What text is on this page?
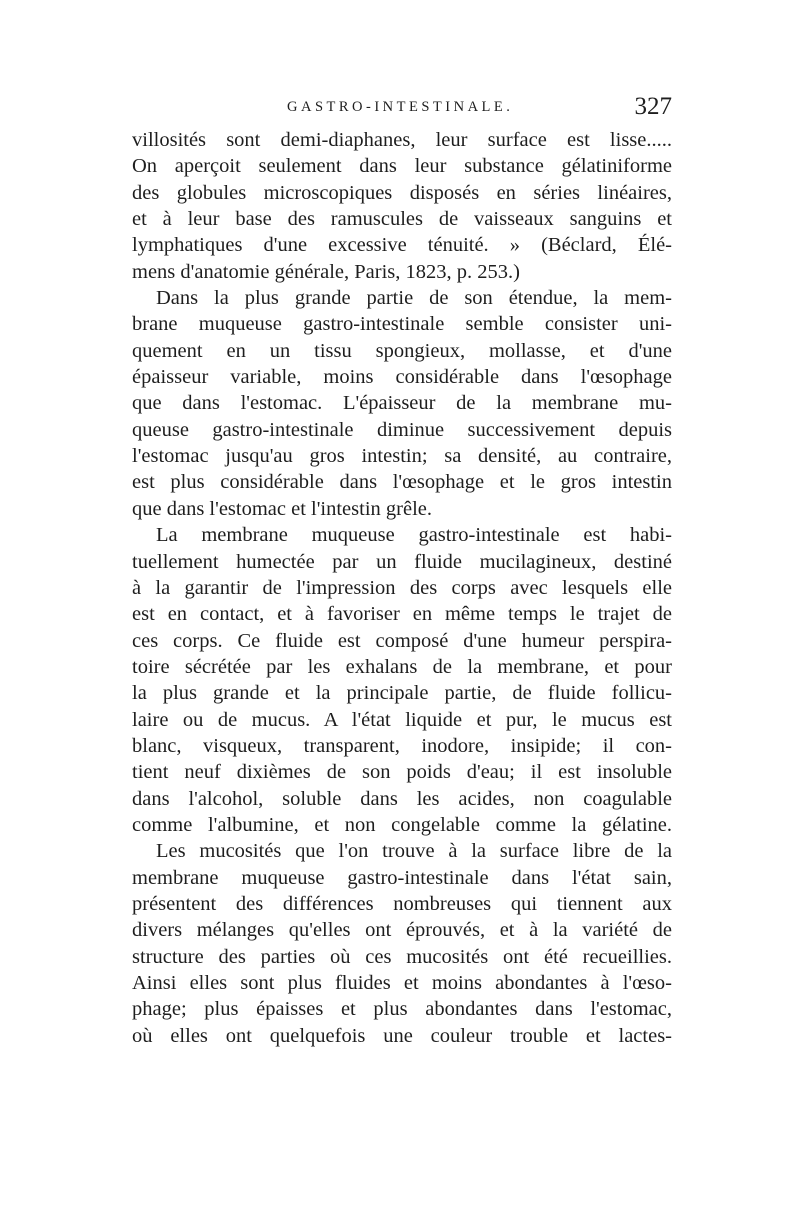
GASTRO-INTESTINALE.	327
villosités sont demi-diaphanes, leur surface est lisse.....
On aperçoit seulement dans leur substance gélatiniforme
des globules microscopiques disposés en séries linéaires,
et à leur base des ramuscules de vaisseaux sanguins et
lymphatiques d'une excessive ténuité. » (Béclard, Élé-
mens d'anatomie générale, Paris, 1823, p. 253.)
Dans la plus grande partie de son étendue, la mem-
brane muqueuse gastro-intestinale semble consister uni-
quement en un tissu spongieux, mollasse, et d'une
épaisseur variable, moins considérable dans l'œsophage
que dans l'estomac. L'épaisseur de la membrane mu-
queuse gastro-intestinale diminue successivement depuis
l'estomac jusqu'au gros intestin; sa densité, au contraire,
est plus considérable dans l'œsophage et le gros intestin
que dans l'estomac et l'intestin grêle.
La membrane muqueuse gastro-intestinale est habi-
tuellement humectée par un fluide mucilagineux, destiné
à la garantir de l'impression des corps avec lesquels elle
est en contact, et à favoriser en même temps le trajet de
ces corps. Ce fluide est composé d'une humeur perspira-
toire sécrétée par les exhalans de la membrane, et pour
la plus grande et la principale partie, de fluide follicu-
laire ou de mucus. A l'état liquide et pur, le mucus est
blanc, visqueux, transparent, inodore, insipide; il con-
tient neuf dixièmes de son poids d'eau; il est insoluble
dans l'alcohol, soluble dans les acides, non coagulable
comme l'albumine, et non congelable comme la gélatine.
Les mucosités que l'on trouve à la surface libre de la
membrane muqueuse gastro-intestinale dans l'état sain,
présentent des différences nombreuses qui tiennent aux
divers mélanges qu'elles ont éprouvés, et à la variété de
structure des parties où ces mucosités ont été recueillies.
Ainsi elles sont plus fluides et moins abondantes à l'œso-
phage; plus épaisses et plus abondantes dans l'estomac,
où elles ont quelquefois une couleur trouble et lactes-
